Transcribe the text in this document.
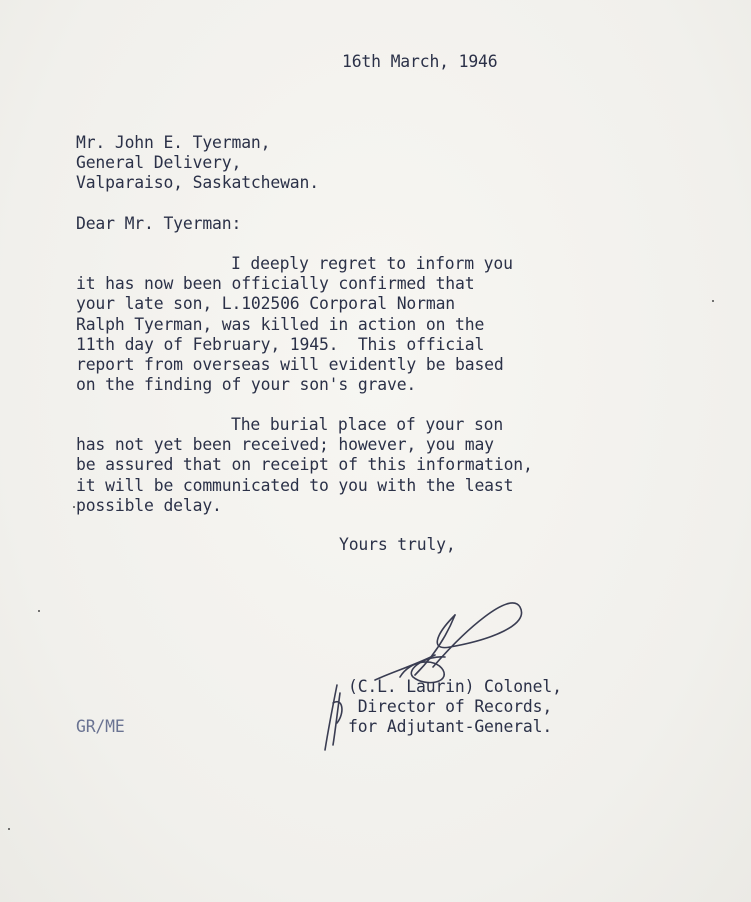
16th March, 1946
Mr. John E. Tyerman,
General Delivery,
Valparaiso, Saskatchewan.
Dear Mr. Tyerman:
I deeply regret to inform you
it has now been officially confirmed that
your late son, L.102506 Corporal Norman
Ralph Tyerman, was killed in action on the
11th day of February, 1945.  This official
report from overseas will evidently be based
on the finding of your son's grave.
The burial place of your son
has not yet been received; however, you may
be assured that on receipt of this information,
it will be communicated to you with the least
possible delay.
Yours truly,
(C.L. Laurin) Colonel,
Director of Records,
for Adjutant-General.
GR/ME
